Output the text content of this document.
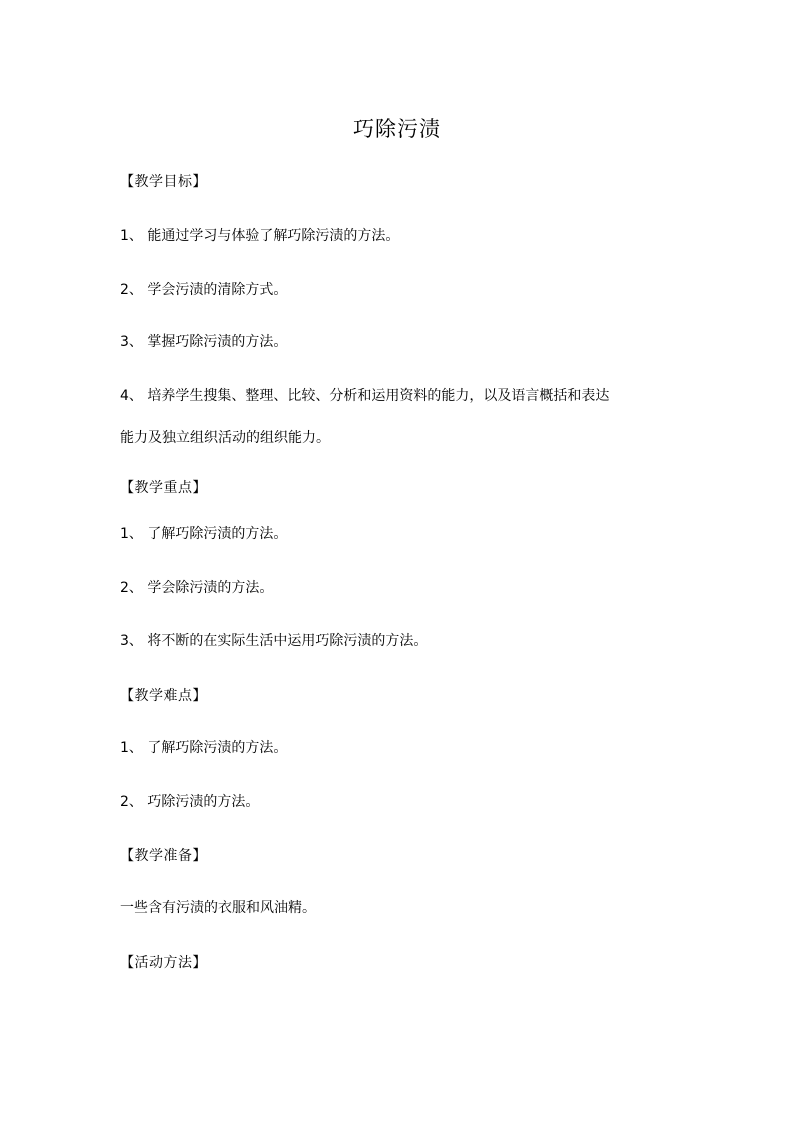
巧除污渍
【教学目标】
1、 能通过学习与体验了解巧除污渍的方法。
2、 学会污渍的清除方式。
3、 掌握巧除污渍的方法。
4、 培养学生搜集、整理、比较、分析和运用资料的能力，以及语言概括和表达
能力及独立组织活动的组织能力。
【教学重点】
1、 了解巧除污渍的方法。
2、 学会除污渍的方法。
3、 将不断的在实际生活中运用巧除污渍的方法。
【教学难点】
1、 了解巧除污渍的方法。
2、 巧除污渍的方法。
【教学准备】
一些含有污渍的衣服和风油精。
【活动方法】
